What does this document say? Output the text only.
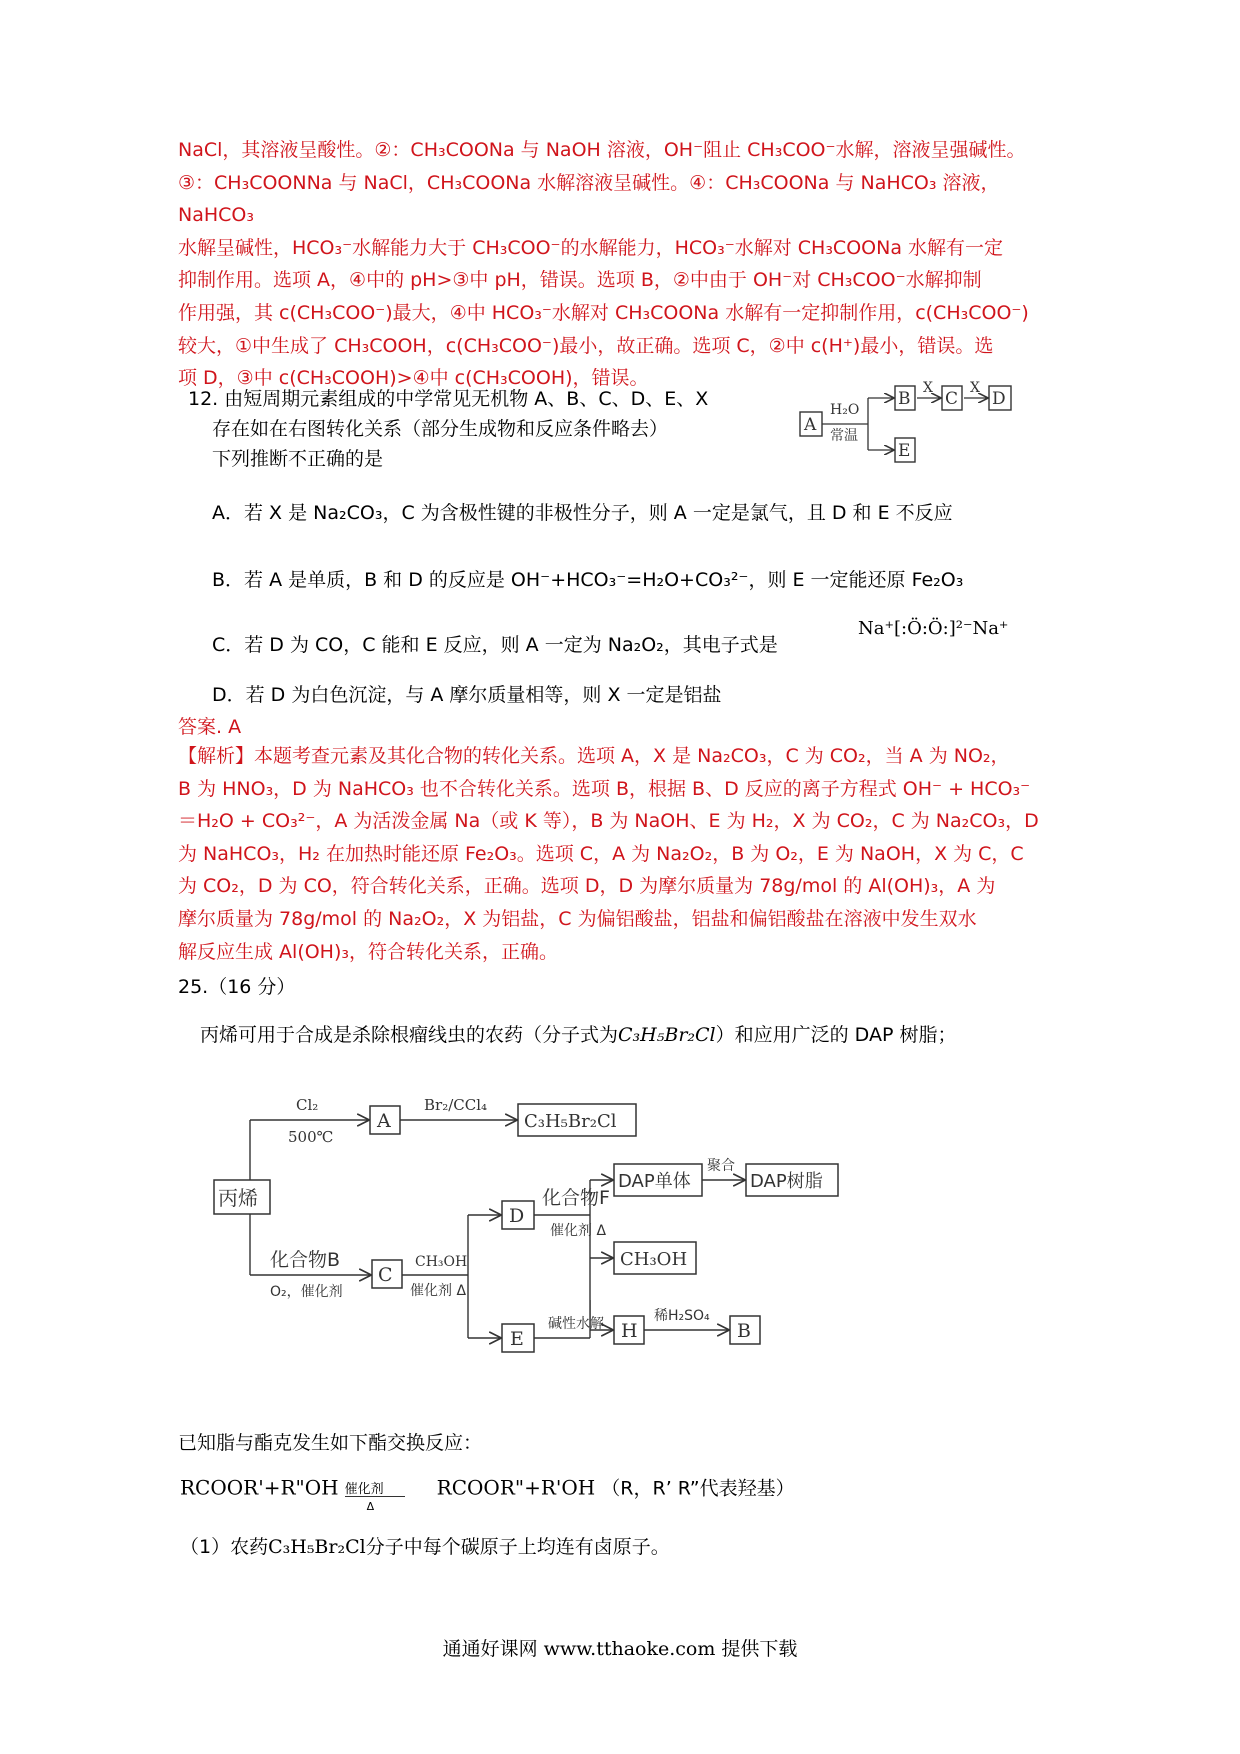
NaCl，其溶液呈酸性。②：CH₃COONa 与 NaOH 溶液，OH⁻阻止 CH₃COO⁻水解，溶液呈强碱性。
③：CH₃COONNa 与 NaCl，CH₃COONa 水解溶液呈碱性。④：CH₃COONa 与 NaHCO₃ 溶液，NaHCO₃
水解呈碱性，HCO₃⁻水解能力大于 CH₃COO⁻的水解能力，HCO₃⁻水解对 CH₃COONa 水解有一定
抑制作用。选项 A，④中的 pH>③中 pH，错误。选项 B，②中由于 OH⁻对 CH₃COO⁻水解抑制
作用强，其 c(CH₃COO⁻)最大，④中 HCO₃⁻水解对 CH₃COONa 水解有一定抑制作用，c(CH₃COO⁻)
较大，①中生成了 CH₃COOH，c(CH₃COO⁻)最小，故正确。选项 C，②中 c(H⁺)最小，错误。选
项 D，③中 c(CH₃COOH)>④中 c(CH₃COOH)，错误。
12. 由短周期元素组成的中学常见无机物 A、B、C、D、E、X
存在如在右图转化关系（部分生成物和反应条件略去）
下列推断不正确的是
A
H₂O
常温
B
X
C
X
D
E
A．若 X 是 Na₂CO₃，C 为含极性键的非极性分子，则 A 一定是氯气，且 D 和 E 不反应
B．若 A 是单质，B 和 D 的反应是 OH⁻+HCO₃⁻=H₂O+CO₃²⁻，则 E 一定能还原 Fe₂O₃
C．若 D 为 CO，C 能和 E 反应，则 A 一定为 Na₂O₂，其电子式是
Na⁺[:Ö:Ö:]²⁻Na⁺
D．若 D 为白色沉淀，与 A 摩尔质量相等，则 X 一定是铝盐
答案. A
【解析】本题考查元素及其化合物的转化关系。选项 A，X 是 Na₂CO₃，C 为 CO₂，当 A 为 NO₂，
B 为 HNO₃，D 为 NaHCO₃ 也不合转化关系。选项 B，根据 B、D 反应的离子方程式 OH⁻ + HCO₃⁻
＝H₂O + CO₃²⁻，A 为活泼金属 Na（或 K 等），B 为 NaOH、E 为 H₂，X 为 CO₂，C 为 Na₂CO₃，D
为 NaHCO₃，H₂ 在加热时能还原 Fe₂O₃。选项 C，A 为 Na₂O₂，B 为 O₂，E 为 NaOH，X 为 C，C
为 CO₂，D 为 CO，符合转化关系，正确。选项 D，D 为摩尔质量为 78g/mol 的 Al(OH)₃，A 为
摩尔质量为 78g/mol 的 Na₂O₂，X 为铝盐，C 为偏铝酸盐，铝盐和偏铝酸盐在溶液中发生双水
解反应生成 Al(OH)₃，符合转化关系，正确。
25.（16 分）
丙烯可用于合成是杀除根瘤线虫的农药（分子式为C₃H₅Br₂Cl）和应用广泛的 DAP 树脂；
丙烯
Cl₂
500℃
A
Br₂/CCl₄
C₃H₅Br₂Cl
化合物B
O₂，催化剂
C
CH₃OH
催化剂 Δ
D
E
化合物F
催化剂 Δ
碱性水解
DAP单体
聚合
DAP树脂
CH₃OH
H
稀H₂SO₄
B
已知脂与酯克发生如下酯交换反应：
RCOOR'+R"OH 催化剂
Δ
RCOOR"+R'OH （R，R’ R”代表羟基）
（1）农药C₃H₅Br₂Cl分子中每个碳原子上均连有卤原子。
通通好课网 www.tthaoke.com 提供下载
